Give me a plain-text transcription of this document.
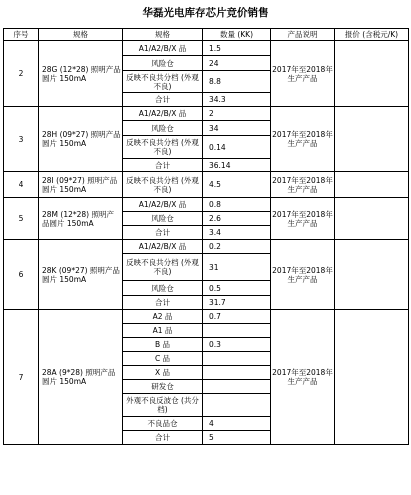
华磊光电库存芯片竞价销售
序号	规格	规格	数量 (KK)	产品说明	报价 (含税元/K)
2	28G (12*28) 照明产品圆片 150mA	A1/A2/B/X 品	1.5	2017年至2018年生产产品	
		风险仓	24		
		反映不良共分档 (外观不良)	8.8		
		合计	34.3		
3	28H (09*27) 照明产品圆片 150mA	A1/A2/B/X 品	2	2017年至2018年生产产品	
		风险仓	34		
		反映不良共分档 (外观不良)	0.14		
		合计	36.14		
4	28I (09*27) 照明产品圆片 150mA	反映不良共分档 (外观不良)	4.5	2017年至2018年生产产品	
5	28M (12*28) 照明产品圆片 150mA	A1/A2/B/X 品	0.8	2017年至2018年生产产品	
		风险仓	2.6		
		合计	3.4		
6	28K (09*27) 照明产品圆片 150mA	A1/A2/B/X 品	0.2	2017年至2018年生产产品	
		反映不良共分档 (外观不良)	31		
		风险仓	0.5		
		合计	31.7		
7	28A (9*28) 照明产品圆片 150mA	A2 品	0.7	2017年至2018年生产产品	
		A1 品			
		B 品	0.3		
		C 品			
		X 品			
		研发仓			
		外观不良反波仓 (共分档)			
		不良品仓	4		
		合计	5		
